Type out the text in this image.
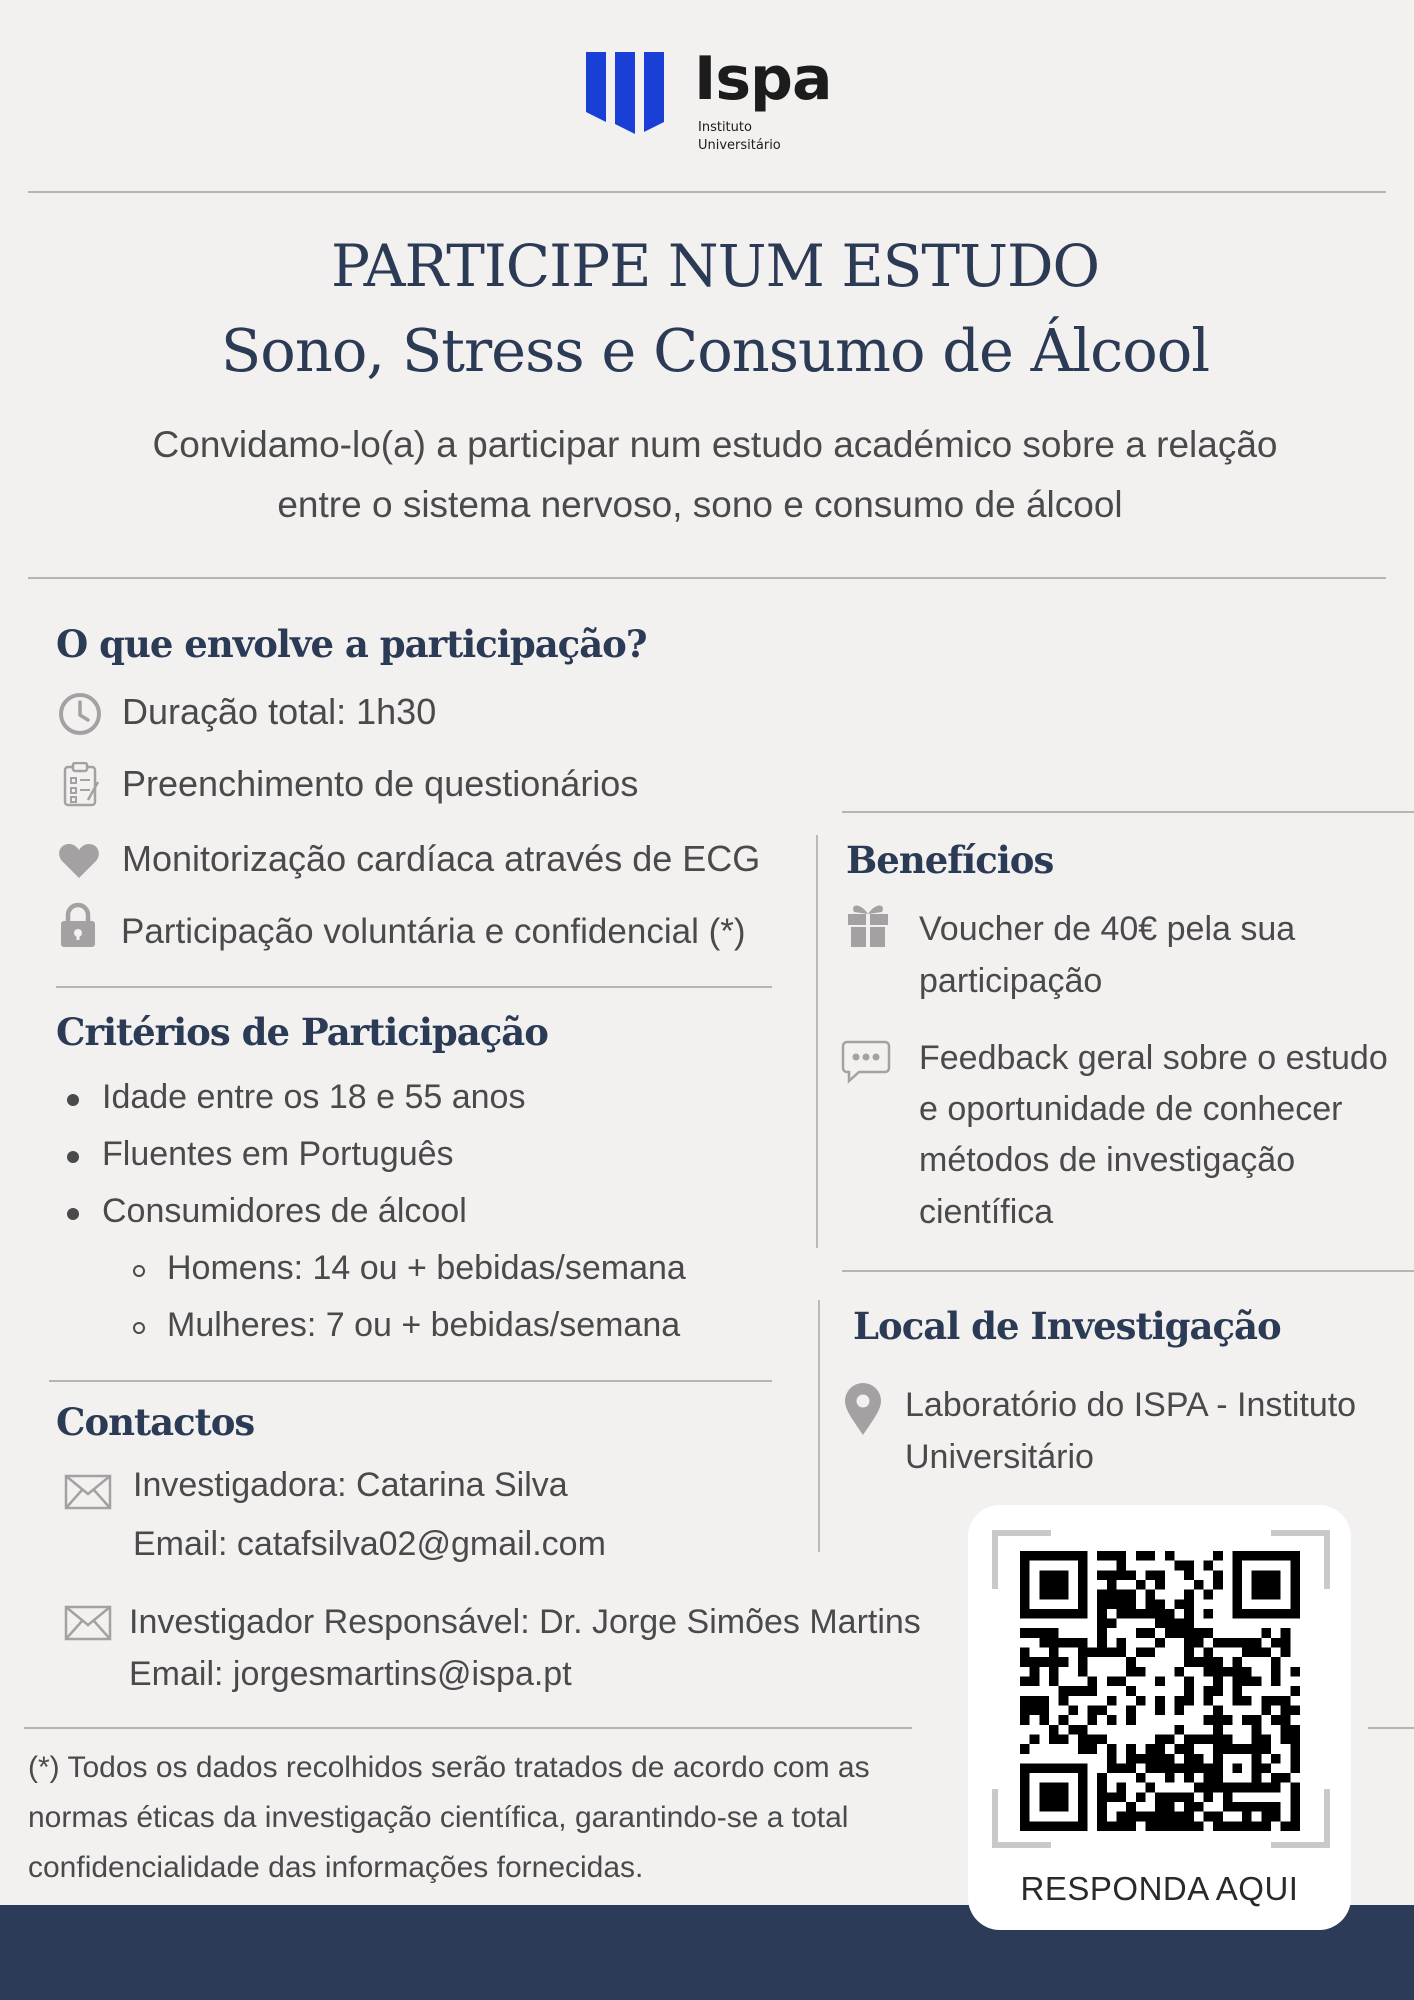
Ispa
Instituto
Universitário
PARTICIPE NUM ESTUDO
Sono, Stress e Consumo de Álcool
Convidamo-lo(a) a participar num estudo académico sobre a relação
entre o sistema nervoso, sono e consumo de álcool
O que envolve a participação?
Duração total: 1h30
Preenchimento de questionários
Monitorização cardíaca através de ECG
Participação voluntária e confidencial (*)
Critérios de Participação
Idade entre os 18 e 55 anos
Fluentes em Português
Consumidores de álcool
Homens: 14 ou + bebidas/semana
Mulheres: 7 ou + bebidas/semana
Contactos
Investigadora: Catarina Silva
Email: catafsilva02@gmail.com
Investigador Responsável: Dr. Jorge Simões Martins
Email: jorgesmartins@ispa.pt
(*) Todos os dados recolhidos serão tratados de acordo com as
normas éticas da investigação científica, garantindo-se a total
confidencialidade das informações fornecidas.
Benefícios
Voucher de 40€ pela sua
participação
Feedback geral sobre o estudo
e oportunidade de conhecer
métodos de investigação
científica
Local de Investigação
Laboratório do ISPA - Instituto
Universitário
RESPONDA AQUI
